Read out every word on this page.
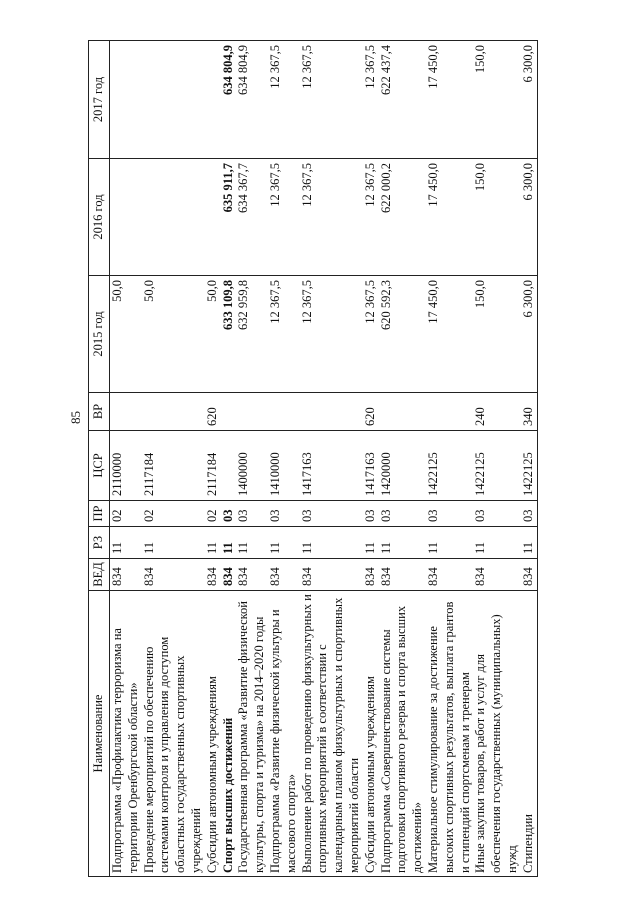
85
Наименование	ВЕД	РЗ	ПР	ЦСР	ВР	2015 год	2016 год	2017 год
Подпрограмма «Профилактика терроризма на территории Оренбургской области»	834	11	02	2110000		50,0		
Проведение мероприятий по обеспечению системами контроля и управления доступом областных государственных спортивных учреждений	834	11	02	2117184		50,0		
Субсидии автономным учреждениям	834	11	02	2117184	620	50,0		
Спорт высших достижений	834	11	03			633 109,8	635 911,7	634 804,9
Государственная программа «Развитие физической культуры, спорта и туризма» на 2014–2020 годы	834	11	03	1400000		632 959,8	634 367,7	634 804,9
Подпрограмма «Развитие физической культуры и массового спорта»	834	11	03	1410000		12 367,5	12 367,5	12 367,5
Выполнение работ по проведению физкультурных и спортивных мероприятий в соответствии с календарным планом физкультурных и спортивных мероприятий области	834	11	03	1417163		12 367,5	12 367,5	12 367,5
Субсидии автономным учреждениям	834	11	03	1417163	620	12 367,5	12 367,5	12 367,5
Подпрограмма «Совершенствование системы подготовки спортивного резерва и спорта высших достижений»	834	11	03	1420000		620 592,3	622 000,2	622 437,4
Материальное стимулирование за достижение высоких спортивных результатов, выплата грантов и стипендий спортсменам и тренерам	834	11	03	1422125		17 450,0	17 450,0	17 450,0
Иные закупки товаров, работ и услуг для обеспечения государственных (муниципальных) нужд	834	11	03	1422125	240	150,0	150,0	150,0
Стипендии	834	11	03	1422125	340	6 300,0	6 300,0	6 300,0
